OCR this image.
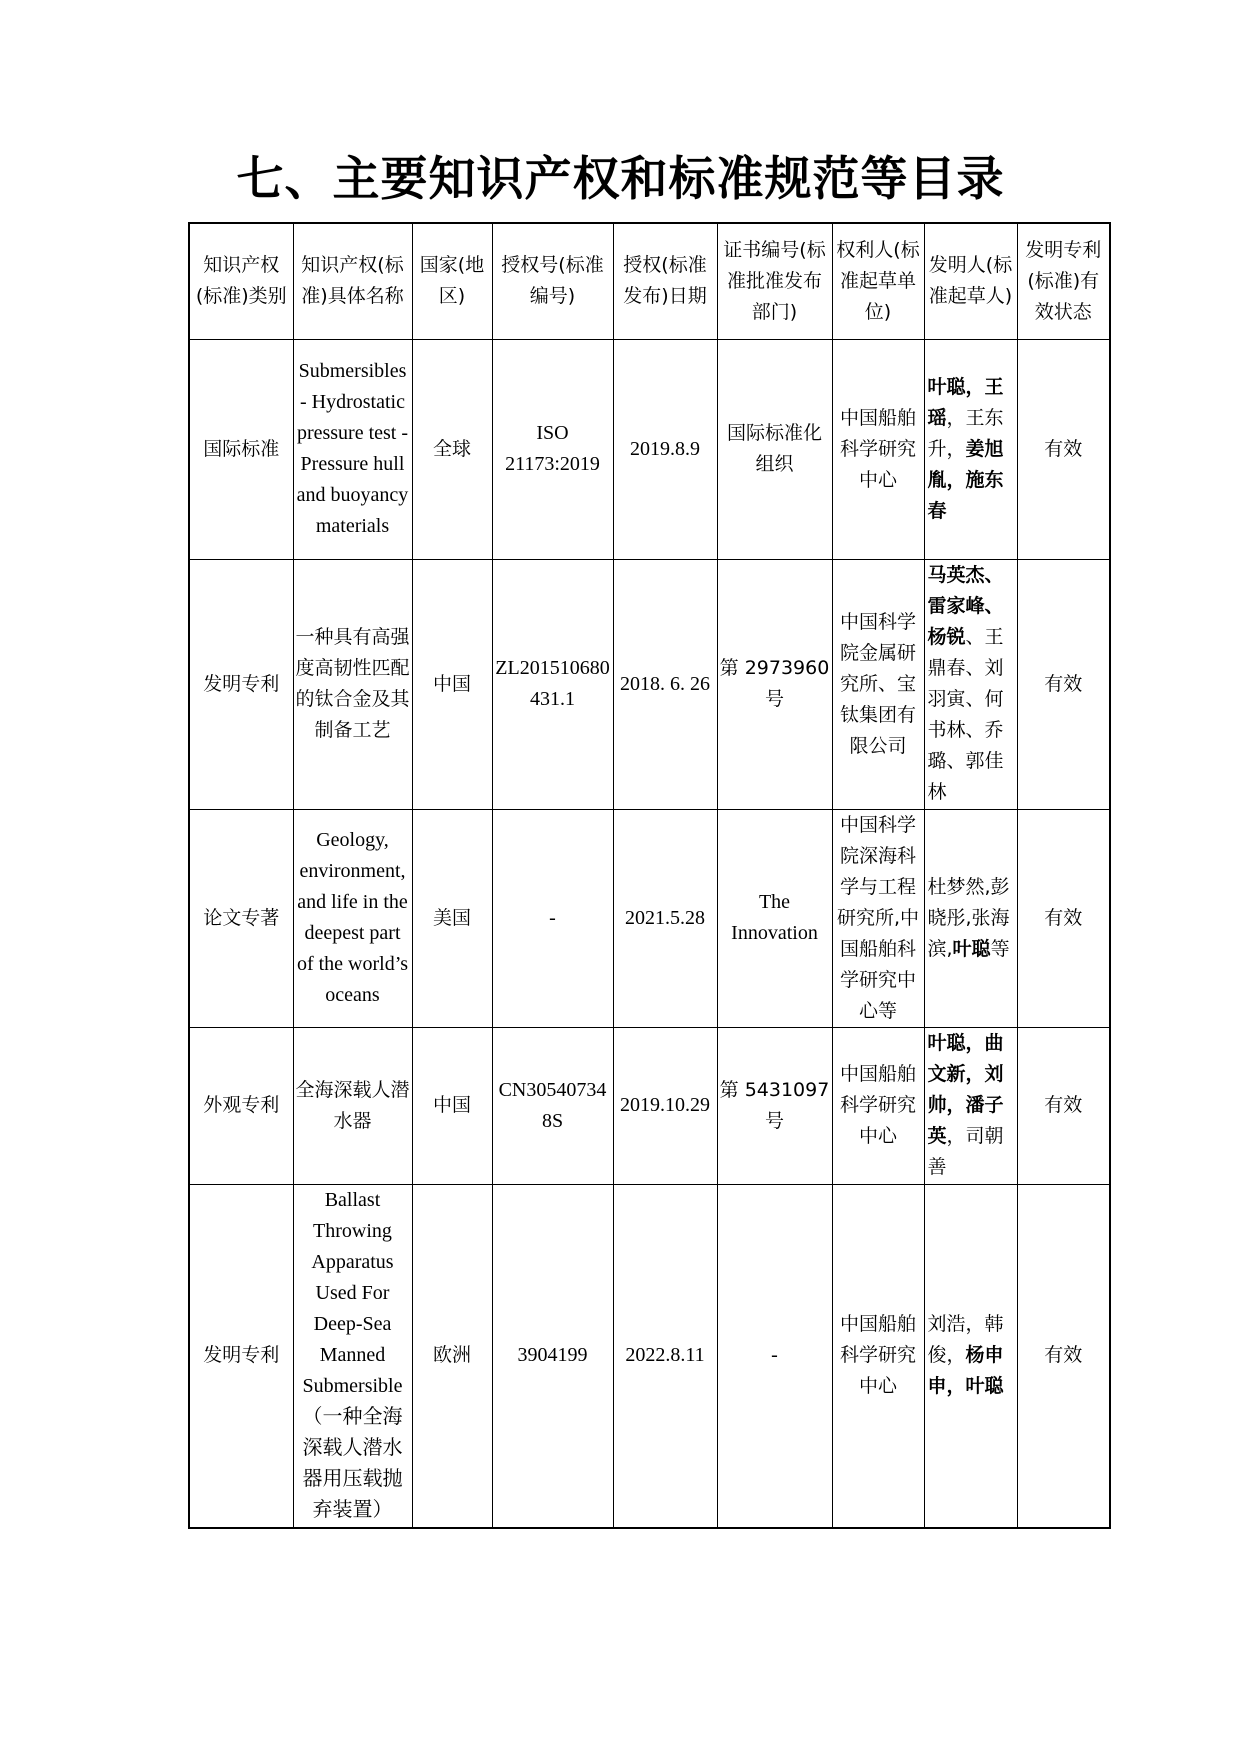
七、主要知识产权和标准规范等目录
知识产权(标准)类别	知识产权(标准)具体名称	国家(地区)	授权号(标准编号)	授权(标准发布)日期	证书编号(标准批准发布部门)	权利人(标准起草单位)	发明人(标准起草人)	发明专利(标准)有效状态
国际标准	Submersibles - Hydrostatic pressure test - Pressure hull and buoyancy materials	全球	ISO 21173:2019	2019.8.9	国际标准化组织	中国船舶科学研究中心	叶聪，王瑶，王东升，姜旭胤，施东春	有效
发明专利	一种具有高强度高韧性匹配的钛合金及其制备工艺	中国	ZL201510680431.1	2018. 6. 26	第 2973960 号	中国科学院金属研究所、宝钛集团有限公司	马英杰、雷家峰、杨锐、王鼎春、刘羽寅、何书林、乔璐、郭佳林	有效
论文专著	Geology, environment, and life in the deepest part of the world’s oceans	美国	-	2021.5.28	The Innovation	中国科学院深海科学与工程研究所,中国船舶科学研究中心等	杜梦然,彭晓彤,张海滨,叶聪等	有效
外观专利	全海深载人潜水器	中国	CN305407348S	2019.10.29	第 5431097 号	中国船舶科学研究中心	叶聪，曲文新，刘帅，潘子英，司朝善	有效
发明专利	Ballast Throwing Apparatus Used For Deep-Sea Manned Submersible（一种全海深载人潜水器用压载抛弃装置）	欧洲	3904199	2022.8.11	-	中国船舶科学研究中心	刘浩，韩俊，杨申申，叶聪	有效
